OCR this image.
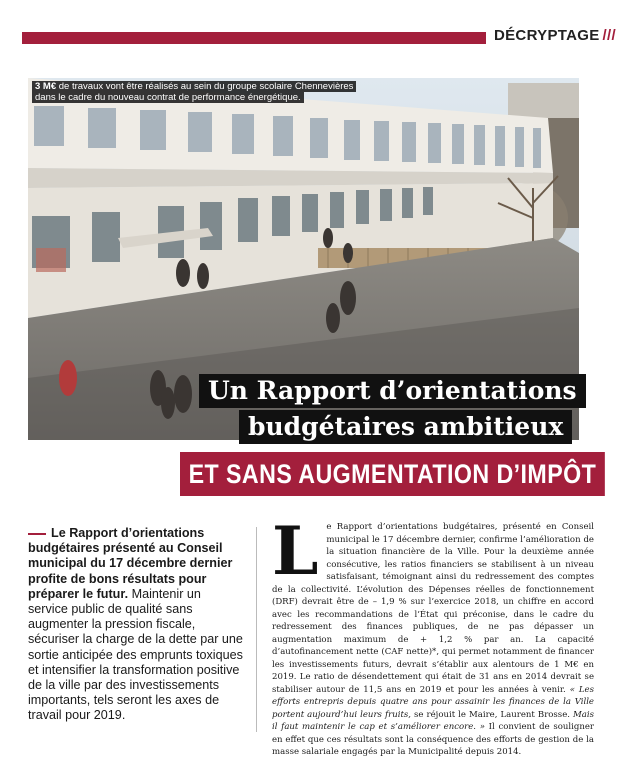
DÉCRYPTAGE ///
3 M€ de travaux vont être réalisés au sein du groupe scolaire Chennevières
dans le cadre du nouveau contrat de performance énergétique.
Un Rapport d’orientations
budgétaires ambitieux
ET SANS AUGMENTATION D’IMPÔT
Le Rapport d’orientations budgétaires présenté au Conseil municipal du 17 décembre dernier profite de bons résultats pour préparer le futur. Maintenir un service public de qualité sans augmenter la pression fiscale, sécuriser la charge de la dette par une sortie anticipée des emprunts toxiques et intensifier la transformation positive de la ville par des investissements importants, tels seront les axes de travail pour 2019.
Le Rapport d’orientations budgétaires, présenté en Conseil municipal le 17 décembre dernier, confirme l’amélioration de la situation financière de la Ville. Pour la deuxième année consécutive, les ratios financiers se stabilisent à un niveau satisfaisant, témoignant ainsi du redressement des comptes de la collectivité. L’évolution des Dépenses réelles de fonctionnement (DRF) devrait être de – 1,9 % sur l’exercice 2018, un chiffre en accord avec les recommandations de l’État qui préconise, dans le cadre du redressement des finances publiques, de ne pas dépasser un augmentation maximum de + 1,2 % par an. La capacité d’autofinancement nette (CAF nette)*, qui permet notamment de financer les investissements futurs, devrait s’établir aux alentours de 1 M€ en 2019. Le ratio de désendettement qui était de 31 ans en 2014 devrait se stabiliser autour de 11,5 ans en 2019 et pour les années à venir. « Les efforts entrepris depuis quatre ans pour assainir les finances de la Ville portent aujourd’hui leurs fruits, se réjouit le Maire, Laurent Brosse. Mais il faut maintenir le cap et s’améliorer encore. » Il convient de souligner en effet que ces résultats sont la conséquence des efforts de gestion de la masse salariale engagés par la Municipalité depuis 2014.
